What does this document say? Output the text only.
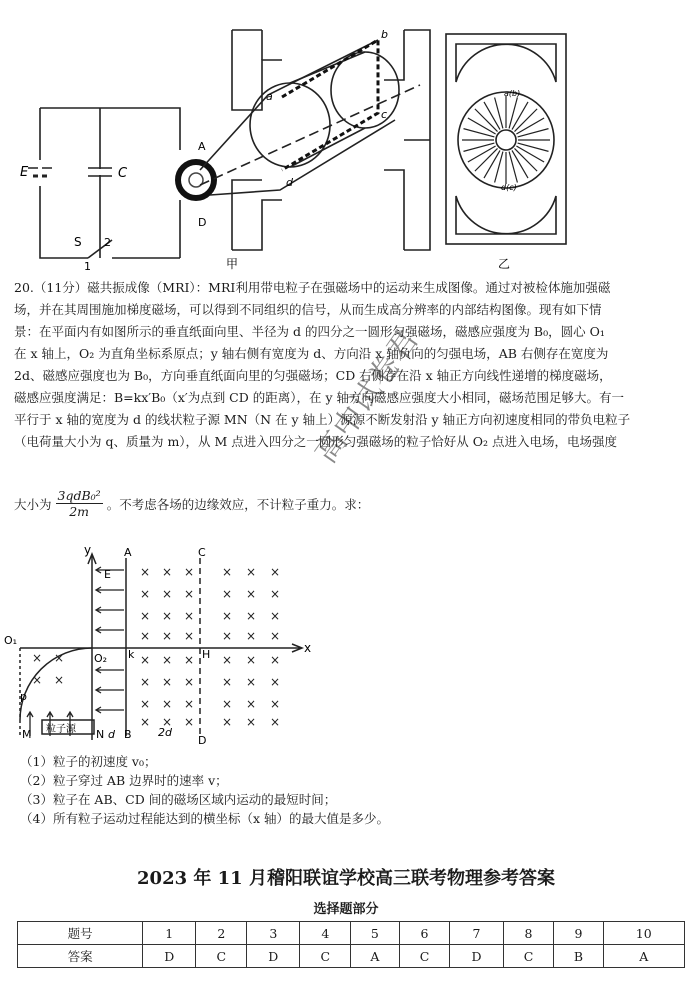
E	C
S
1
2
A
D
a
b
c
d
甲
a(b)
d(c)
乙
20.（11分）磁共振成像（MRI）：MRI利用带电粒子在强磁场中的运动来生成图像。通过对被检体施加强磁
场，并在其周围施加梯度磁场，可以得到不同组织的信号，从而生成高分辨率的内部结构图像。现有如下情
景：在平面内有如图所示的垂直纸面向里、半径为 d 的四分之一圆形匀强磁场，磁感应强度为 B₀，圆心 O₁
在 x 轴上，O₂ 为直角坐标系原点；y 轴右侧有宽度为 d、方向沿 x 轴负向的匀强电场，AB 右侧存在宽度为
2d、磁感应强度也为 B₀，方向垂直纸面向里的匀强磁场；CD 右侧存在沿 x 轴正方向线性递增的梯度磁场，
磁感应强度满足：B=kx′B₀（x′为点到 CD 的距离），在 y 轴方向磁感应强度大小相同，磁场范围足够大。有一
平行于 x 轴的宽度为 d 的线状粒子源 MN（N 在 y 轴上）源源不断发射沿 y 轴正方向初速度相同的带负电粒子
（电荷量大小为 q、质量为 m），从 M 点进入四分之一圆形匀强磁场的粒子恰好从 O₂ 点进入电场，电场强度
大小为
3qdB₀²
2m 。不考虑各场的边缘效应，不计粒子重力。求：
×
×
×
×
×
×
×
×
×
×
×
×
×
×
×
×
×
×
×
×
×
×
×
×
×
×
×
×
×
×
×
×
×
×
×
×
×
×
×
×
×
×
×
×
×
×
×
×
× ×
× ×
y
x
A	C
E
O₁
O₂ k	H
p
M 粒子源 N d B 2d
D
（1）粒子的初速度 v₀；
（2）粒子穿过 AB 边界时的速率 v；
（3）粒子在 AB、CD 间的磁场区域内运动的最短时间；
（4）所有粒子运动过程能达到的横坐标（x 轴）的最大值是多少。
高中试卷君
2023 年 11 月稽阳联谊学校高三联考物理参考答案
选择题部分
题号	1	2	3	4	5	6	7	8	9	10
答案	D	C	D	C	A	C	D	C	B	A
